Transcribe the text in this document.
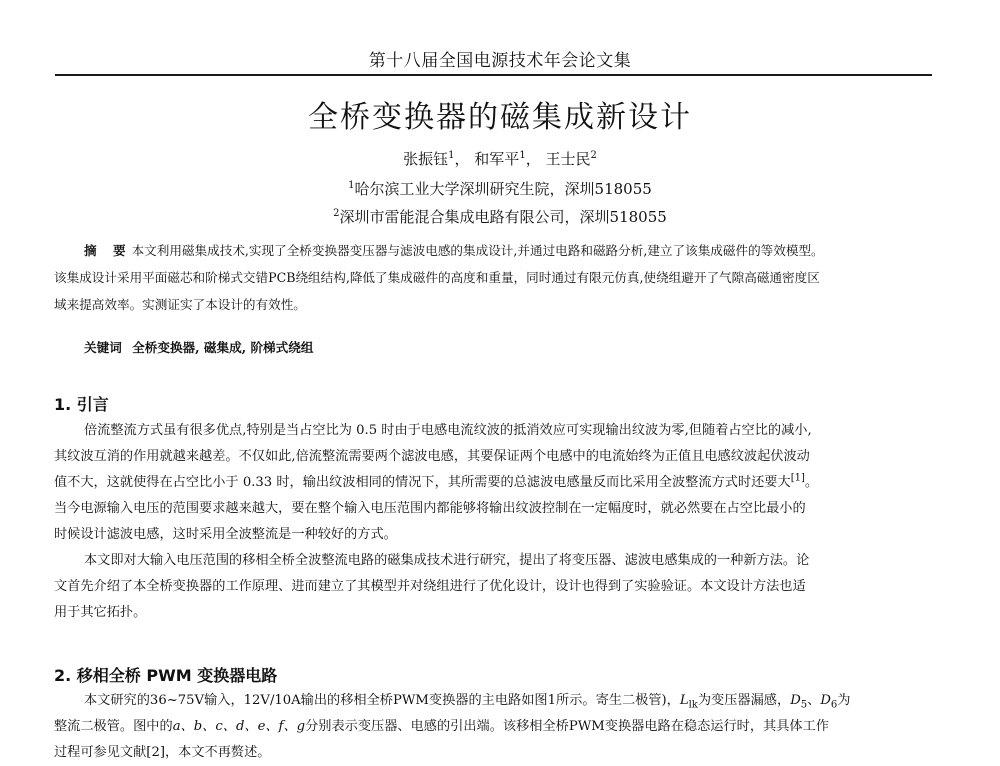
第十八届全国电源技术年会论文集
全桥变换器的磁集成新设计
张振钰$^1$， 和军平$^1$， 王士民$^2$
$^1$哈尔滨工业大学深圳研究生院，深圳518055
$^2$深圳市雷能混合集成电路有限公司，深圳518055
摘 要本文利用磁集成技术,实现了全桥变换器变压器与滤波电感的集成设计,并通过电路和磁路分析,建立了该集成磁件的等效模型。
该集成设计采用平面磁芯和阶梯式交错PCB绕组结构,降低了集成磁件的高度和重量，同时通过有限元仿真,使绕组避开了气隙高磁通密度区
域来提高效率。实测证实了本设计的有效性。
关键词 全桥变换器, 磁集成, 阶梯式绕组
1. 引言
倍流整流方式虽有很多优点,特别是当占空比为 0.5 时由于电感电流纹波的抵消效应可实现输出纹波为零,但随着占空比的减小,
其纹波互消的作用就越来越差。不仅如此,倍流整流需要两个滤波电感，其要保证两个电感中的电流始终为正值且电感纹波起伏波动
值不大，这就使得在占空比小于 0.33 时，输出纹波相同的情况下，其所需要的总滤波电感量反而比采用全波整流方式时还要大[1]。
当今电源输入电压的范围要求越来越大，要在整个输入电压范围内都能够将输出纹波控制在一定幅度时，就必然要在占空比最小的
时候设计滤波电感，这时采用全波整流是一种较好的方式。
本文即对大输入电压范围的移相全桥全波整流电路的磁集成技术进行研究，提出了将变压器、滤波电感集成的一种新方法。论
文首先介绍了本全桥变换器的工作原理、进而建立了其模型并对绕组进行了优化设计，设计也得到了实验验证。本文设计方法也适
用于其它拓扑。
2. 移相全桥 PWM 变换器电路
本文研究的36~75V输入，12V/10A输出的移相全桥PWM变换器的主电路如图1所示。寄生二极管)，$L_{lk}$为变压器漏感，$D_5$、$D_6$为
整流二极管。图中的a、b、c、d、e、f、g分别表示变压器、电感的引出端。该移相全桥PWM变换器电路在稳态运行时，其具体工作
过程可参见文献[2]，本文不再赘述。
